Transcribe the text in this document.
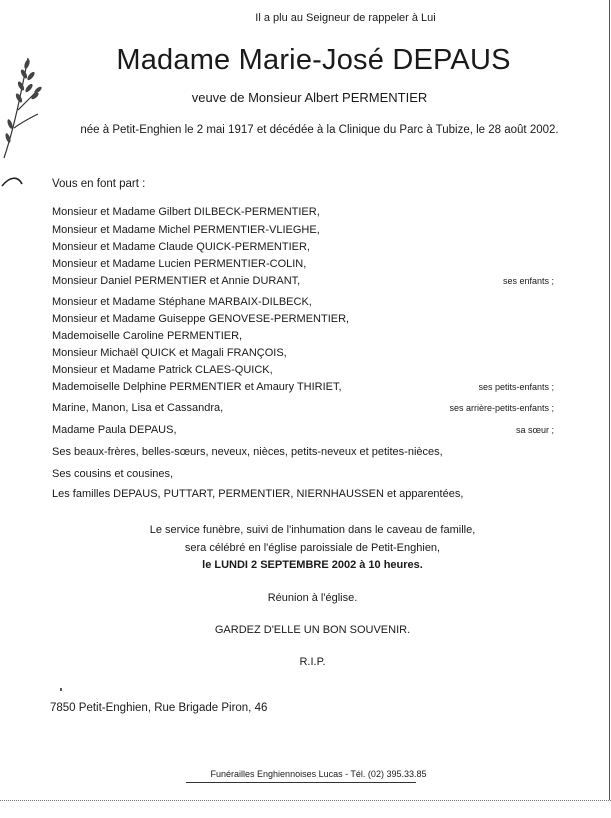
Il a plu au Seigneur de rappeler à Lui
Madame Marie-José DEPAUS
veuve de Monsieur Albert PERMENTIER
née à Petit-Enghien le 2 mai 1917 et décédée à la Clinique du Parc à Tubize, le 28 août 2002.
Vous en font part :
Monsieur et Madame Gilbert DILBECK-PERMENTIER,
Monsieur et Madame Michel PERMENTIER-VLIEGHE,
Monsieur et Madame Claude QUICK-PERMENTIER,
Monsieur et Madame Lucien PERMENTIER-COLIN,
Monsieur Daniel PERMENTIER et Annie DURANT,	ses enfants ;
Monsieur et Madame Stéphane MARBAIX-DILBECK,
Monsieur et Madame Guiseppe GENOVESE-PERMENTIER,
Mademoiselle Caroline PERMENTIER,
Monsieur Michaël QUICK et Magali FRANÇOIS,
Monsieur et Madame Patrick CLAES-QUICK,
Mademoiselle Delphine PERMENTIER et Amaury THIRIET,	ses petits-enfants ;
Marine, Manon, Lisa et Cassandra,	ses arrière-petits-enfants ;
Madame Paula DEPAUS,	sa sœur ;
Ses beaux-frères, belles-sœurs, neveux, nièces, petits-neveux et petites-nièces,
Ses cousins et cousines,
Les familles DEPAUS, PUTTART, PERMENTIER, NIERNHAUSSEN et apparentées,
Le service funèbre, suivi de l'inhumation dans le caveau de famille,
sera célébré en l'église paroissiale de Petit-Enghien,
le LUNDI 2 SEPTEMBRE 2002 à 10 heures.
Réunion à l'église.
GARDEZ D'ELLE UN BON SOUVENIR.
R.I.P.
7850 Petit-Enghien, Rue Brigade Piron, 46
Funérailles Enghiennoises Lucas - Tél. (02) 395.33.85
